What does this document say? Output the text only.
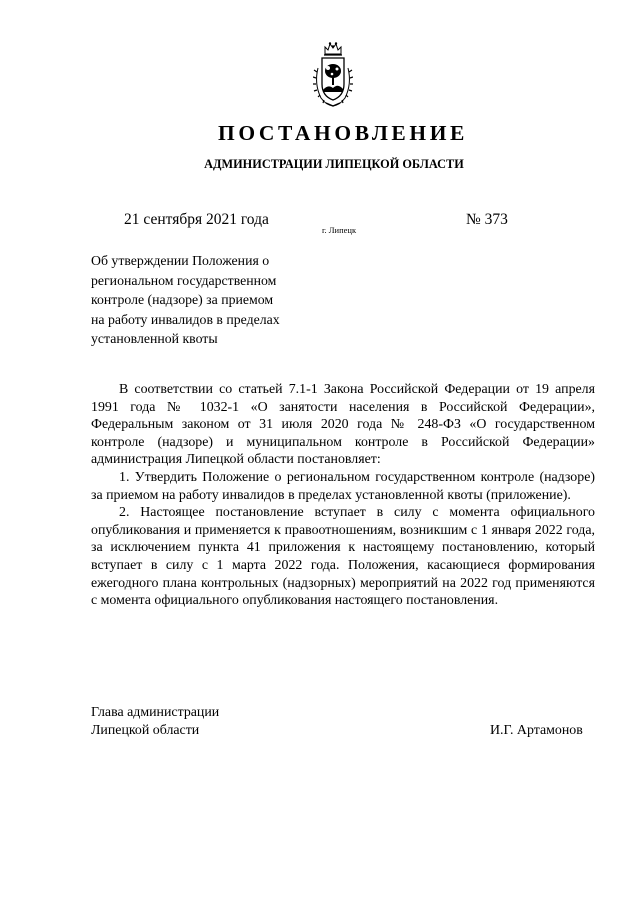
ПОСТАНОВЛЕНИЕ
АДМИНИСТРАЦИИ ЛИПЕЦКОЙ ОБЛАСТИ
21 сентября 2021 года
г. Липецк
№ 373
Об утверждении Положения о
региональном государственном
контроле (надзоре) за приемом
на работу инвалидов в пределах
установленной квоты

В соответствии со статьей 7.1-1 Закона Российской Федерации от 19 апреля 1991 года № 1032-1 «О занятости населения в Российской Федерации», Федеральным законом от 31 июля 2020 года № 248-ФЗ «О государственном контроле (надзоре) и муниципальном контроле в Российской Федерации» администрация Липецкой области постановляет:

1. Утвердить Положение о региональном государственном контроле (надзоре) за приемом на работу инвалидов в пределах установленной квоты (приложение).

2. Настоящее постановление вступает в силу с момента официального опубликования и применяется к правоотношениям, возникшим с 1 января 2022 года, за исключением пункта 41 приложения к настоящему постановлению, который вступает в силу с 1 марта 2022 года. Положения, касающиеся формирования ежегодного плана контрольных (надзорных) мероприятий на 2022 год применяются с момента официального опубликования настоящего постановления.

Глава администрации
Липецкой области	И.Г. Артамонов
